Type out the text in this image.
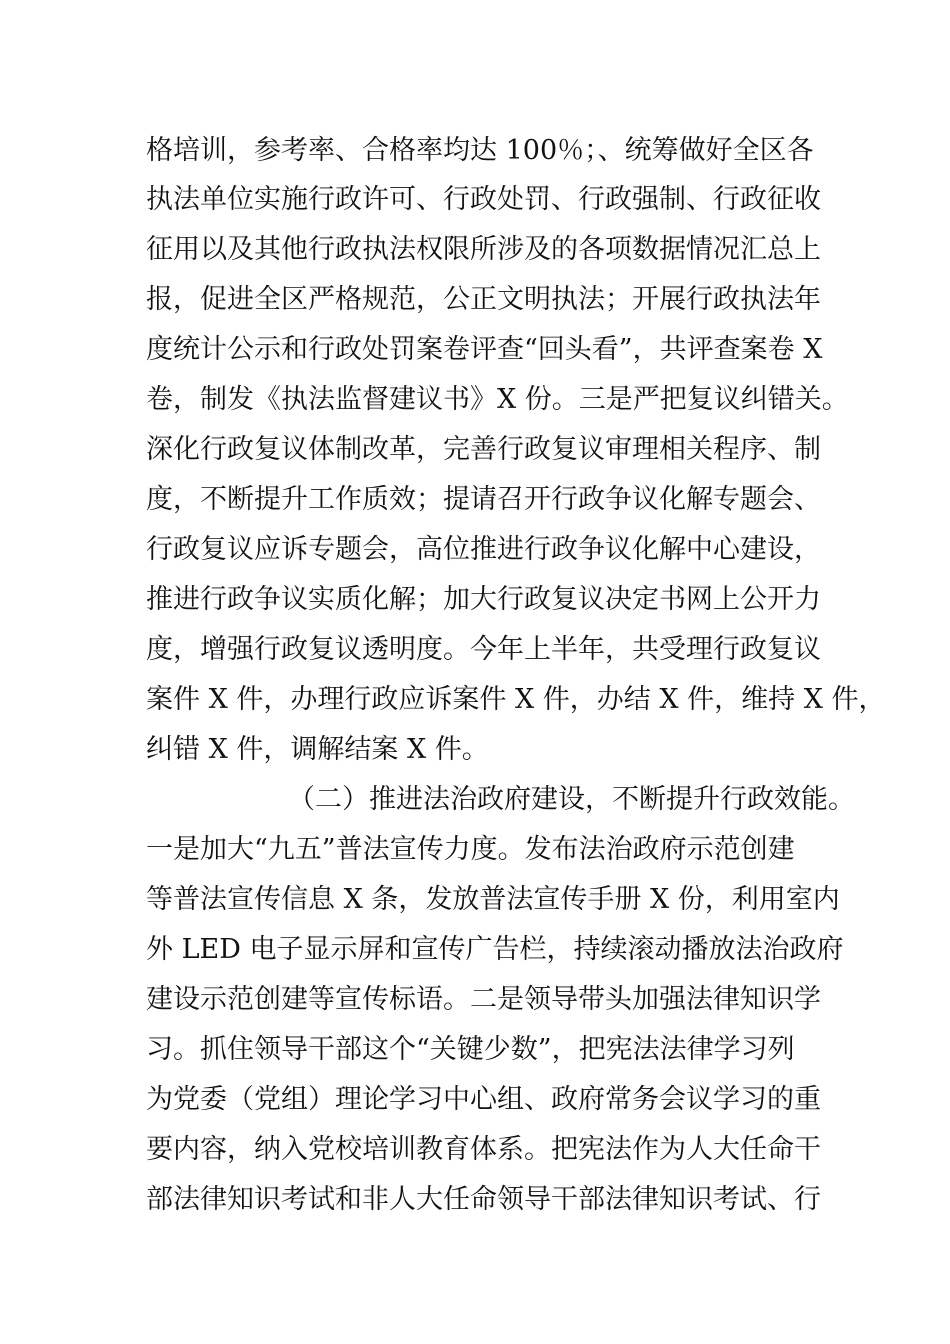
格培训，参考率、合格率均达 100％；、统筹做好全区各
执法单位实施行政许可、行政处罚、行政强制、行政征收
征用以及其他行政执法权限所涉及的各项数据情况汇总上
报，促进全区严格规范，公正文明执法；开展行政执法年
度统计公示和行政处罚案卷评查“回头看”，共评查案卷 X
卷，制发《执法监督建议书》X 份。三是严把复议纠错关。
深化行政复议体制改革，完善行政复议审理相关程序、制
度，不断提升工作质效；提请召开行政争议化解专题会、
行政复议应诉专题会，高位推进行政争议化解中心建设，
推进行政争议实质化解；加大行政复议决定书网上公开力
度，增强行政复议透明度。今年上半年，共受理行政复议
案件 X 件，办理行政应诉案件 X 件，办结 X 件，维持 X 件，
纠错 X 件，调解结案 X 件。
（二）推进法治政府建设，不断提升行政效能。
一是加大“九五”普法宣传力度。发布法治政府示范创建
等普法宣传信息 X 条，发放普法宣传手册 X 份，利用室内
外 LED 电子显示屏和宣传广告栏，持续滚动播放法治政府
建设示范创建等宣传标语。二是领导带头加强法律知识学
习。抓住领导干部这个“关键少数”，把宪法法律学习列
为党委（党组）理论学习中心组、政府常务会议学习的重
要内容，纳入党校培训教育体系。把宪法作为人大任命干
部法律知识考试和非人大任命领导干部法律知识考试、行
